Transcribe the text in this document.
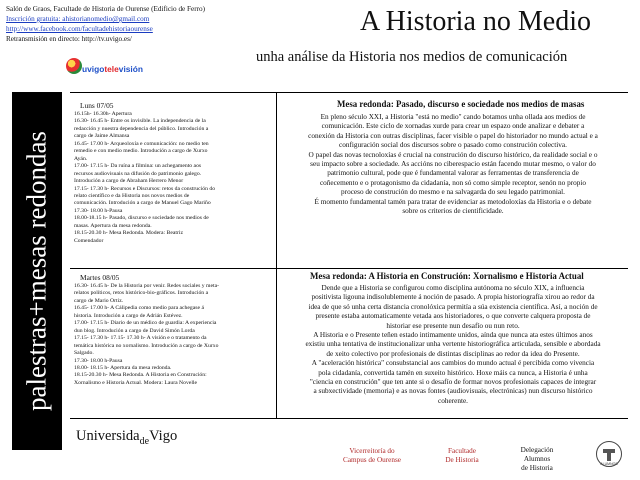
Salón de Graos, Facultade de Historia de Ourense (Edificio de Ferro)
Inscrición gratuita: ahistorianomedio@gmail.com
http://www.facebook.com/facultadehistoriaourense
Retransmisión en directo: http://tv.uvigo.es/
uvigotelevisión
A Historia no Medio
unha análise da Historia nos medios de comunicación
palestras+mesas redondas
Luns 07/05

16.15h- 16.30h- Apertura

16.30- 16.45 h- Entre os invisible. La independencia de la

redacción y nuestra dependencia del público. Introdución a

cargo de Jaime Almansa

16.45- 17.00 h- Arqueoloxía e comunicación: no medio ten

remedio e con medio medio. Introdución a cargo de Xurxo

Ayán.

17.00- 17.15 h- Da ruína a filmina: un achegamento aos

recursos audiovisuais na difusión do patrimonio galego.

Introdución a cargo de Abraham Herrero Menor

17.15- 17.30 h- Recursos e Discursos: retos da construción do

relato científico e da Historia nos novos medios de

comunicación. Introdución a cargo de Manuel Gago Mariño

17.30- 18.00 h-Pausa

18.00-18.15 h- Pasado, discurso e sociedade nos medios de

masas. Apertura da mesa redonda.

18.15-20.30 h- Mesa Redonda. Modera: Beatriz

Comendador

Martes 08/05

16.30- 16.45 h- De la Historia por venir. Redes sociales y meta-

relatos políticos, retos histórico-bio-gráficos. Introdución a

cargo de Mario Ortiz.

16.45- 17.00 h- A Cálipedia como medio para achegase á

historia. Introdución a cargo de Adrián Estévez.

17.00- 17.15 h- Diario de un médico de guardia: A experiencia

dun blog. Introdución a cargo de David Simón Lorda

17.15- 17.30 h- 17.15- 17.30 h- A visión e o tratamento da

temática histórica no xornalismo. Introdución a cargo de Xurxo

Salgado.

17.30- 18.00 h-Pausa

18.00- 18.15 h- Apertura da mesa redonda.

18.15-20.30 h- Mesa Redonda. A Historia en Construción:

Xornalismo e Historia Actual. Modera: Laura Novelle

Mesa redonda: Pasado, discurso e sociedade nos medios de masas

En pleno século XXI, a Historia "está no medio" cando botamos unha ollada aos medios de

comunicación. Este ciclo de xornadas xurde para crear un espazo onde analizar e debater a

conexión da Historia con outras disciplinas, facer visible o papel do historiador no mundo actual e a

configuración social dos discursos sobre o pasado como construción colectiva.

O papel das novas tecnoloxías é crucial na construción do discurso histórico, da realidade social e o

seu impacto sobre a sociedade. As accións no ciberespacio están facendo mutar mesmo, o valor do

patrimonio cultural, pode que é fundamental valorar as ferramentas de transferencia de

coñecemento e o protagonismo da cidadanía, non só como simple receptor, senón no propio

proceso de construción do mesmo e na salvagarda do seu legado patrimonial.

É momento fundamental tamén para tratar de evidenciar as metodoloxías da Historia e o debate

sobre os criterios de cientificidade.

Mesa redonda: A Historia en Construción: Xornalismo e Historia Actual

Dende que a Historia se configurou como disciplina autónoma no século XIX, a influencia

positivista ligouna indisolublemente á noción de pasado. A propia historiografía xirou ao redor da

idea de que só unha certa distancia cronolóxica permitía a súa existencia científica. Así, a noción de

presente estaba automaticamente vetada aos historiadores, o que converte calquera proposta de

historiar ese presente nun desafío ou nun reto.

A Historia e o Presente teñen estado intimamente unidos, aínda que nunca ata estes últimos anos

existiu unha tentativa de institucionalizar unha vertente historiográfica articulada, sensible e abordada

de xeito colectivo por profesionais de distintas disciplinas ao redor da idea do Presente.

A "aceleración histórica" consubstancial aos cambios do mundo actual é percibida como vivencia

pola cidadanía, convertida tamén en suxeito histórico. Hoxe máis ca nunca, a Historia é unha

"ciencia en construción" que ten ante si o desafío de formar novos profesionais capaces de integrar

a subxectividade (memoria) e as novas fontes (audiovisuais, electrónicas) nun discurso histórico

coherente.

Universida$_{de}$Vigo
Vicerreitoría do
Campus de Ourense
Facultade
De Historia
Delegación
Alumnos
de Historia	ALUMNOS
